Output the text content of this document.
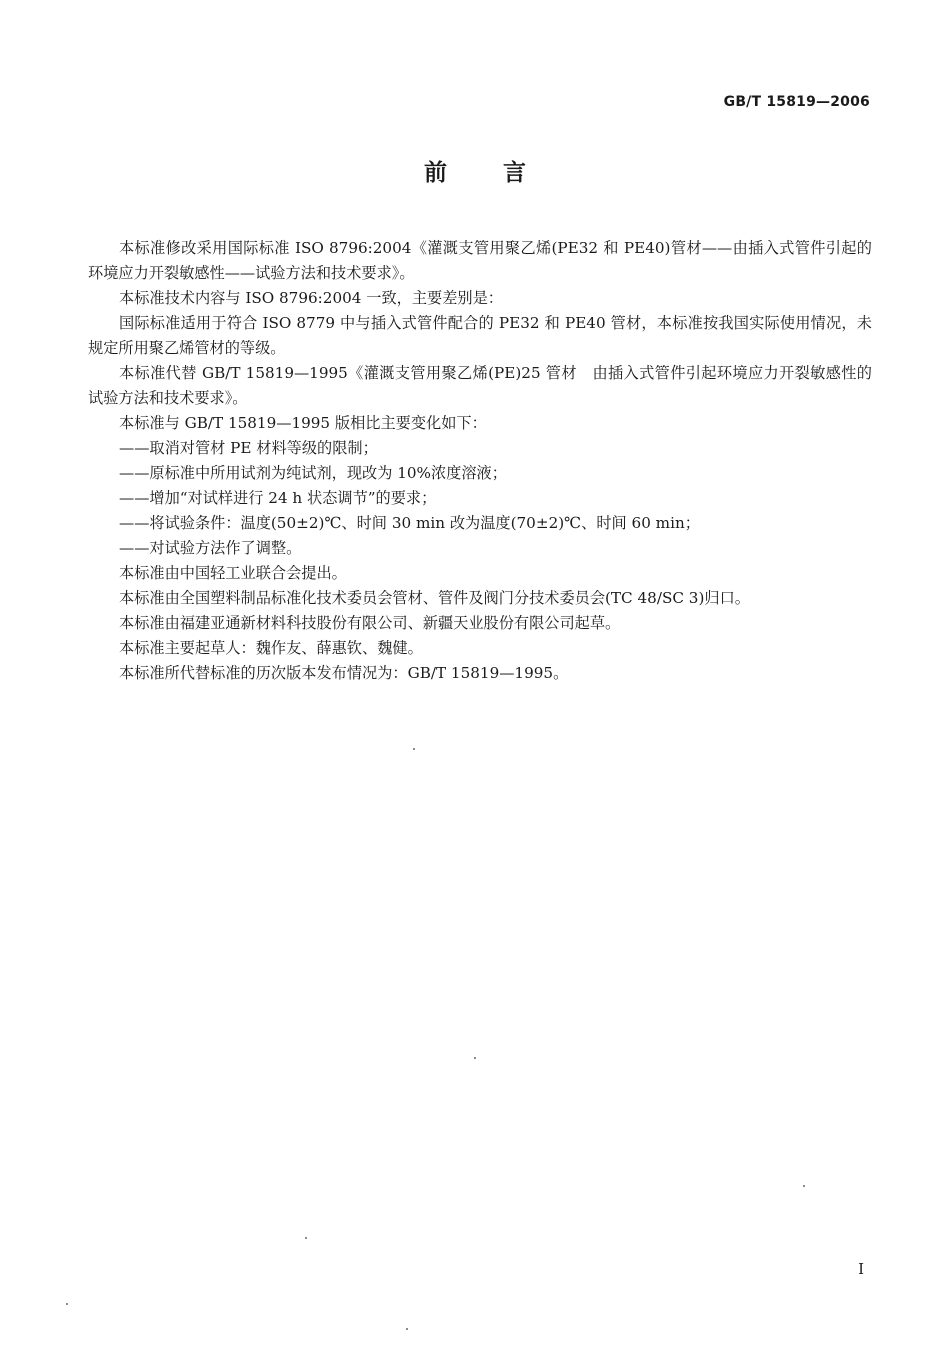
GB/T 15819—2006
前言

本标准修改采用国际标准 ISO 8796:2004《灌溉支管用聚乙烯(PE32 和 PE40)管材——由插入式管件引起的环境应力开裂敏感性——试验方法和技术要求》。

本标准技术内容与 ISO 8796:2004 一致，主要差别是：

国际标准适用于符合 ISO 8779 中与插入式管件配合的 PE32 和 PE40 管材，本标准按我国实际使用情况，未规定所用聚乙烯管材的等级。

本标准代替 GB/T 15819—1995《灌溉支管用聚乙烯(PE)25 管材　由插入式管件引起环境应力开裂敏感性的试验方法和技术要求》。

本标准与 GB/T 15819—1995 版相比主要变化如下：

——取消对管材 PE 材料等级的限制；

——原标准中所用试剂为纯试剂，现改为 10%浓度溶液；

——增加“对试样进行 24 h 状态调节”的要求；

——将试验条件：温度(50±2)℃、时间 30 min 改为温度(70±2)℃、时间 60 min；

——对试验方法作了调整。

本标准由中国轻工业联合会提出。

本标准由全国塑料制品标准化技术委员会管材、管件及阀门分技术委员会(TC 48/SC 3)归口。

本标准由福建亚通新材料科技股份有限公司、新疆天业股份有限公司起草。

本标准主要起草人：魏作友、薛惠钦、魏健。

本标准所代替标准的历次版本发布情况为：GB/T 15819—1995。

I
